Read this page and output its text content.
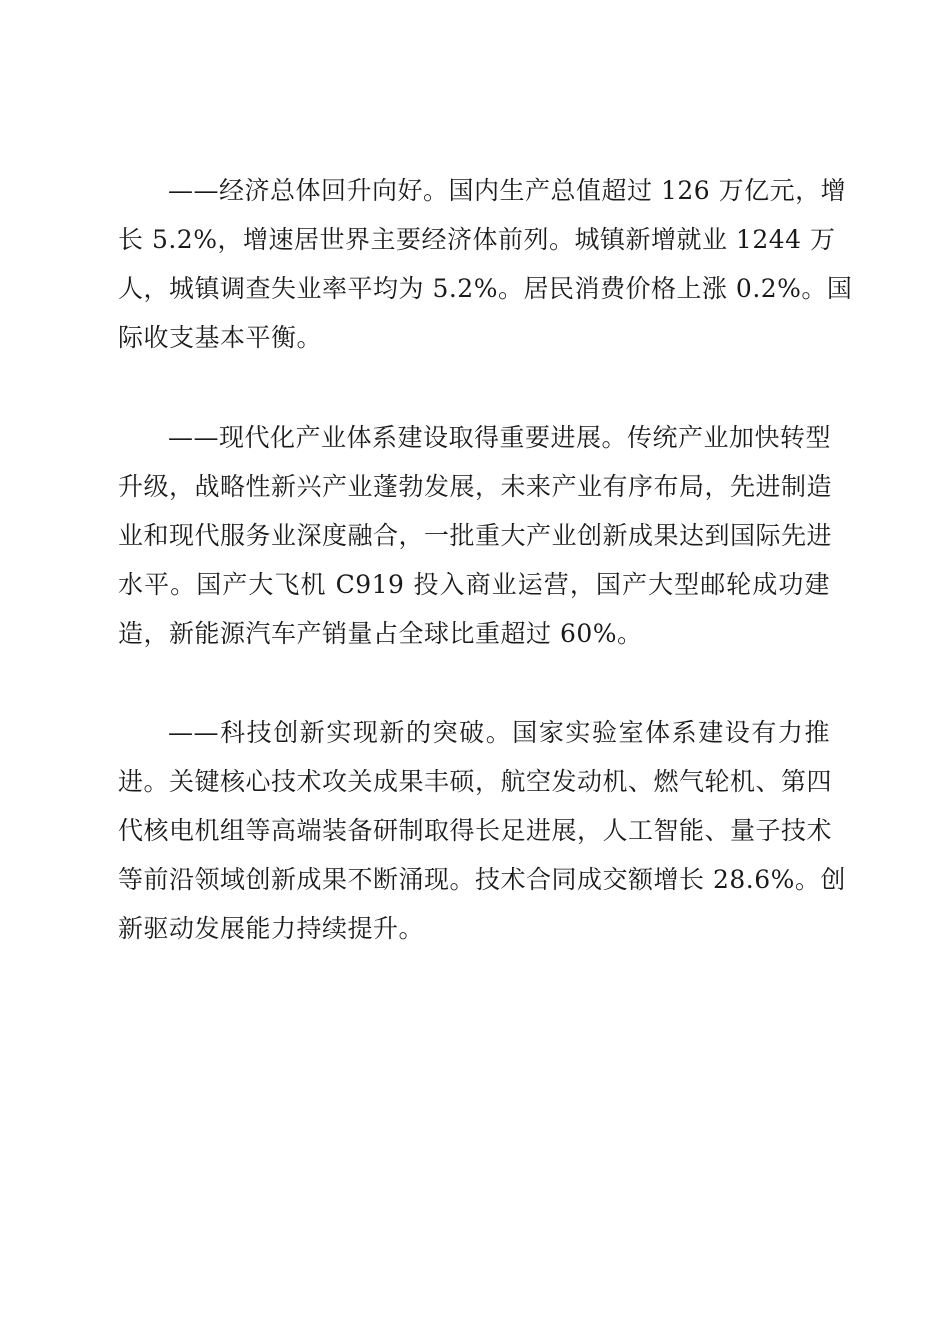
——经济总体回升向好。国内生产总值超过 126 万亿元，增
长 5.2%，增速居世界主要经济体前列。城镇新增就业 1244 万
人，城镇调查失业率平均为 5.2%。居民消费价格上涨 0.2%。国
际收支基本平衡。
——现代化产业体系建设取得重要进展。传统产业加快转型
升级，战略性新兴产业蓬勃发展，未来产业有序布局，先进制造
业和现代服务业深度融合，一批重大产业创新成果达到国际先进
水平。国产大飞机 C919 投入商业运营，国产大型邮轮成功建
造，新能源汽车产销量占全球比重超过 60%。
——科技创新实现新的突破。国家实验室体系建设有力推
进。关键核心技术攻关成果丰硕，航空发动机、燃气轮机、第四
代核电机组等高端装备研制取得长足进展，人工智能、量子技术
等前沿领域创新成果不断涌现。技术合同成交额增长 28.6%。创
新驱动发展能力持续提升。
